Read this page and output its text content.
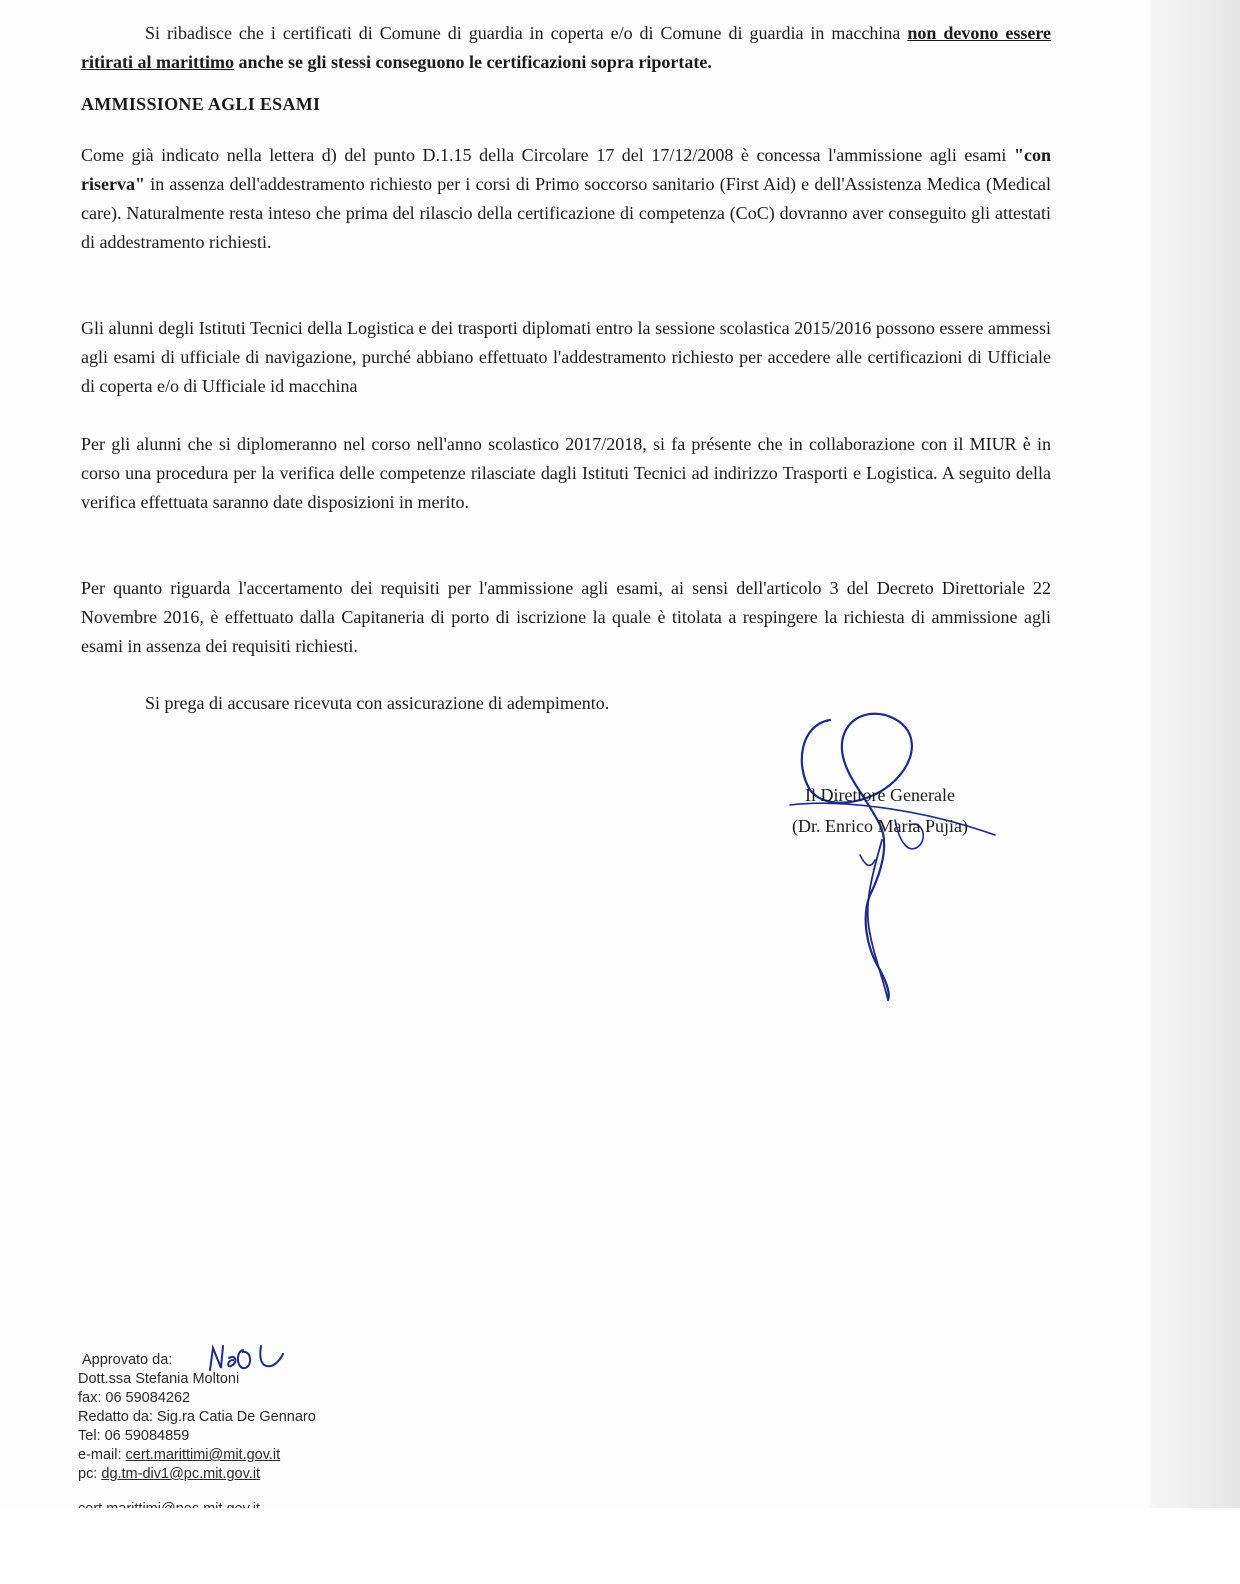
Si ribadisce che i certificati di Comune di guardia in coperta e/o di Comune di guardia in macchina non devono essere ritirati al marittimo anche se gli stessi conseguono le certificazioni sopra riportate.

AMMISSIONE AGLI ESAMI

Come già indicato nella lettera d) del punto D.1.15 della Circolare 17 del 17/12/2008 è concessa l'ammissione agli esami "con riserva" in assenza dell'addestramento richiesto per i corsi di Primo soccorso sanitario (First Aid) e dell'Assistenza Medica (Medical care). Naturalmente resta inteso che prima del rilascio della certificazione di competenza (CoC) dovranno aver conseguito gli attestati di addestramento richiesti.

Gli alunni degli Istituti Tecnici della Logistica e dei trasporti diplomati entro la sessione scolastica 2015/2016 possono essere ammessi agli esami di ufficiale di navigazione, purché abbiano effettuato l'addestramento richiesto per accedere alle certificazioni di Ufficiale di coperta e/o di Ufficiale id macchina

Per gli alunni che si diplomeranno nel corso nell'anno scolastico 2017/2018, si fa présente che in collaborazione con il MIUR è in corso una procedura per la verifica delle competenze rilasciate dagli Istituti Tecnici ad indirizzo Trasporti e Logistica. A seguito della verifica effettuata saranno date disposizioni in merito.

Per quanto riguarda l'accertamento dei requisiti per l'ammissione agli esami, ai sensi dell'articolo 3 del Decreto Direttoriale 22 Novembre 2016, è effettuato dalla Capitaneria di porto di iscrizione la quale è titolata a respingere la richiesta di ammissione agli esami in assenza dei requisiti richiesti.

Si prega di accusare ricevuta con assicurazione di adempimento.

Il Direttore Generale
(Dr. Enrico Maria Pujia)
Approvato da:
Dott.ssa Stefania Moltoni
fax: 06 59084262
Redatto da: Sig.ra Catia De Gennaro
Tel: 06 59084859
e-mail: cert.marittimi@mit.gov.it
pc: dg.tm-div1@pc.mit.gov.it
